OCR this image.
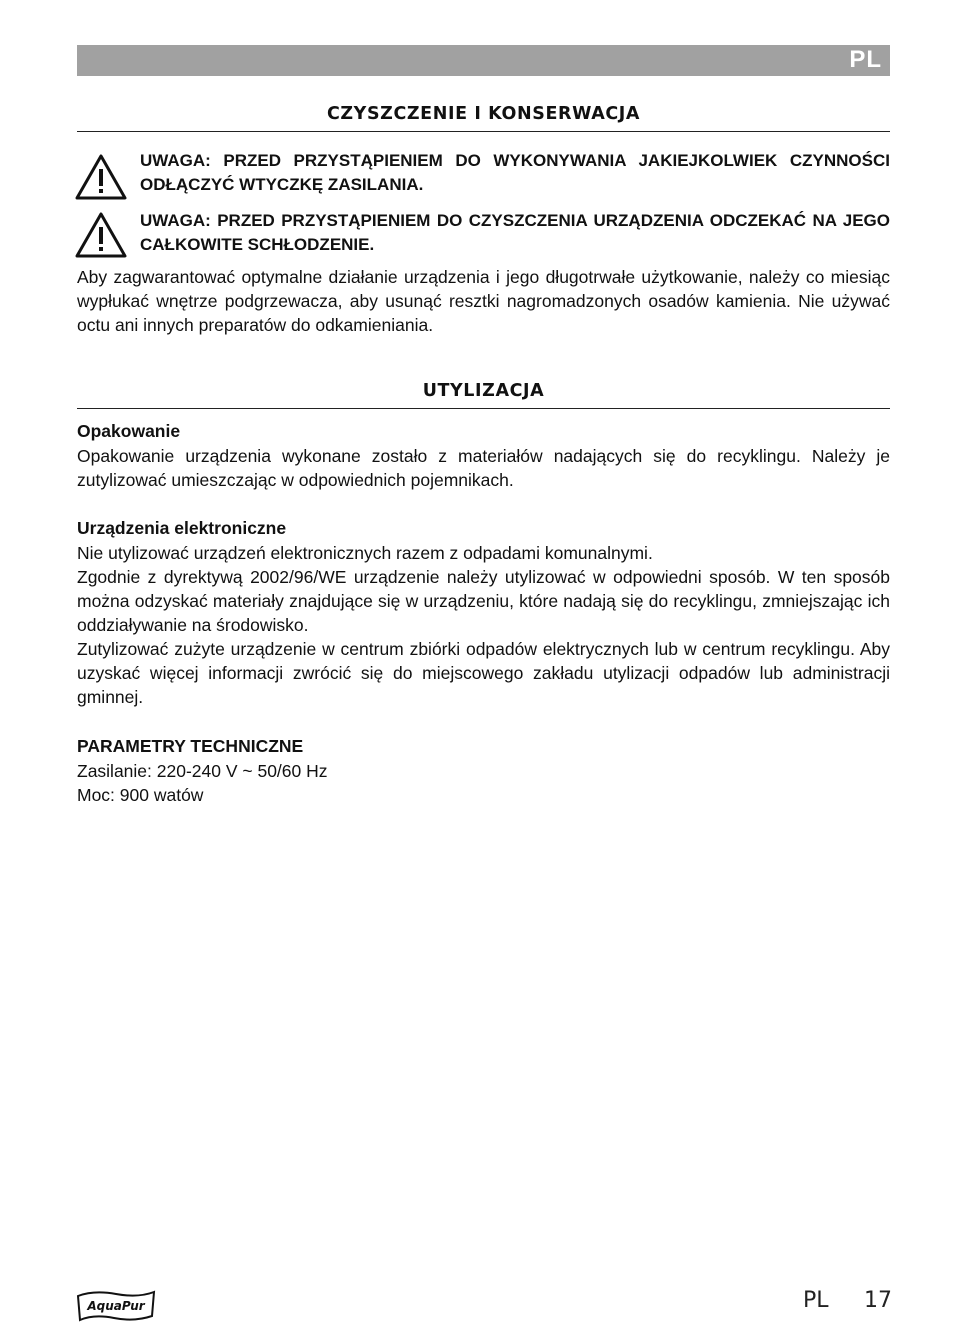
PL
CZYSZCZENIE I KONSERWACJA
UWAGA: PRZED PRZYSTĄPIENIEM DO WYKONYWANIA JAKIEJKOLWIEK CZYNNOŚCI ODŁĄCZYĆ WTYCZKĘ ZASILANIA.
UWAGA: PRZED PRZYSTĄPIENIEM DO CZYSZCZENIA URZĄDZENIA ODCZEKAĆ NA JEGO CAŁKOWITE SCHŁODZENIE.
Aby zagwarantować optymalne działanie urządzenia i jego długotrwałe użytkowanie, należy co miesiąc wypłukać wnętrze podgrzewacza, aby usunąć resztki nagromadzonych osadów kamienia. Nie używać octu ani innych preparatów do odkamieniania.
UTYLIZACJA
Opakowanie
Opakowanie urządzenia wykonane zostało z materiałów nadających się do recyklingu. Należy je zutylizować umieszczając w odpowiednich pojemnikach.
Urządzenia elektroniczne
Nie utylizować urządzeń elektronicznych razem z odpadami komunalnymi.
Zgodnie z dyrektywą 2002/96/WE urządzenie należy utylizować w odpowiedni sposób. W ten sposób można odzyskać materiały znajdujące się w urządzeniu, które nadają się do recyklingu, zmniejszając ich oddziaływanie na środowisko.
Zutylizować zużyte urządzenie w centrum zbiórki odpadów elektrycznych lub w centrum recyklingu. Aby uzyskać więcej informacji zwrócić się do miejscowego zakładu utylizacji odpadów lub administracji gminnej.
PARAMETRY TECHNICZNE
Zasilanie: 220-240 V ~ 50/60 Hz
Moc: 900 watów
AquaPur	PL 17
